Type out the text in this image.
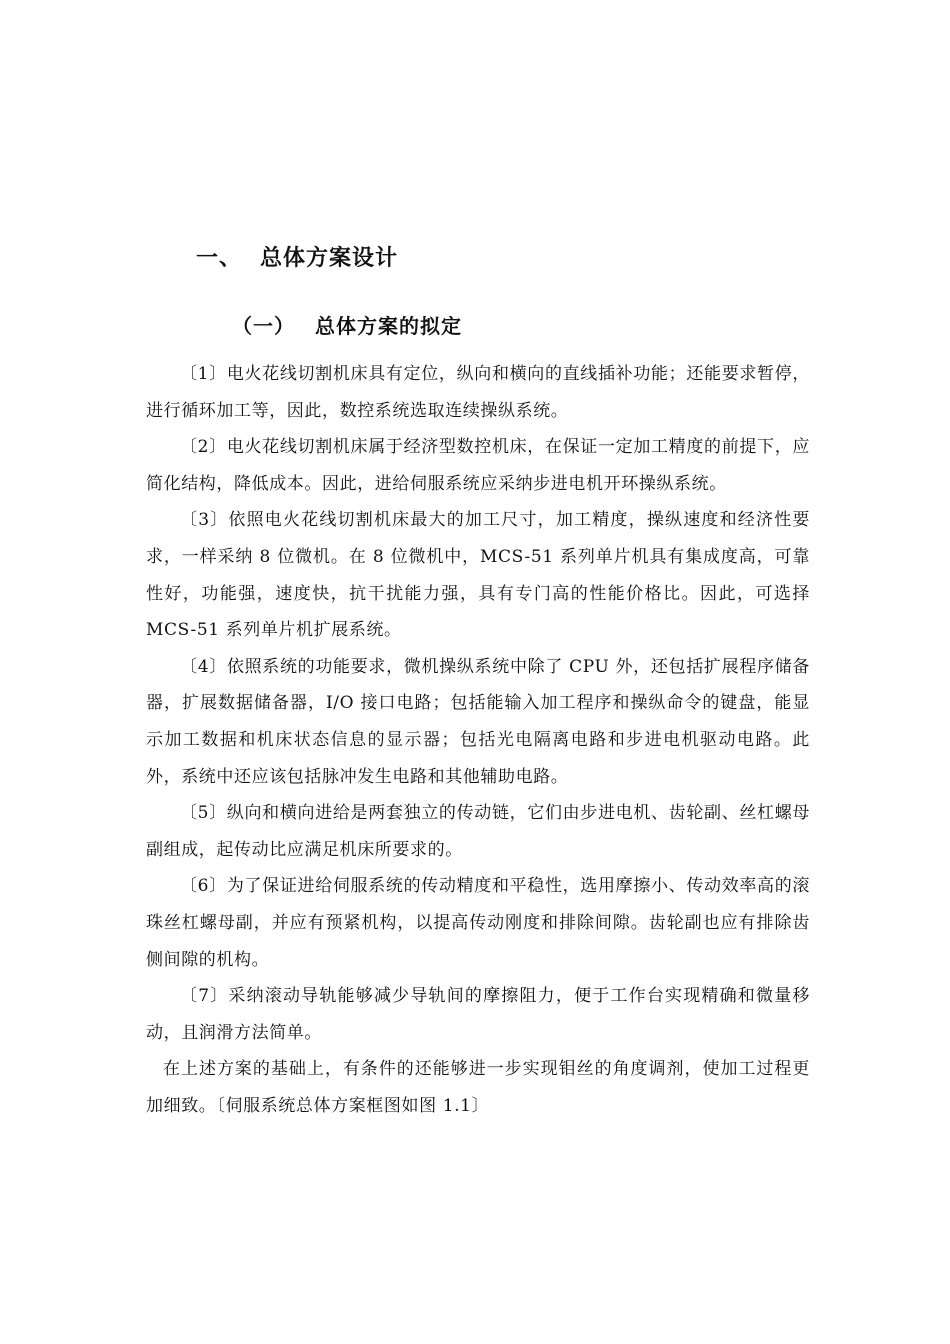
一、 总体方案设计
（一） 总体方案的拟定

〔1〕电火花线切割机床具有定位，纵向和横向的直线插补功能；还能要求暂停，进行循环加工等，因此，数控系统选取连续操纵系统。

〔2〕电火花线切割机床属于经济型数控机床，在保证一定加工精度的前提下，应简化结构，降低成本。因此，进给伺服系统应采纳步进电机开环操纵系统。

〔3〕依照电火花线切割机床最大的加工尺寸，加工精度，操纵速度和经济性要求，一样采纳 8 位微机。在 8 位微机中，MCS-51 系列单片机具有集成度高，可靠性好，功能强，速度快，抗干扰能力强，具有专门高的性能价格比。因此，可选择 MCS-51 系列单片机扩展系统。

〔4〕依照系统的功能要求，微机操纵系统中除了 CPU 外，还包括扩展程序储备器，扩展数据储备器，I/O 接口电路；包括能输入加工程序和操纵命令的键盘，能显示加工数据和机床状态信息的显示器；包括光电隔离电路和步进电机驱动电路。此外，系统中还应该包括脉冲发生电路和其他辅助电路。

〔5〕纵向和横向进给是两套独立的传动链，它们由步进电机、齿轮副、丝杠螺母副组成，起传动比应满足机床所要求的。

〔6〕为了保证进给伺服系统的传动精度和平稳性，选用摩擦小、传动效率高的滚珠丝杠螺母副，并应有预紧机构，以提高传动刚度和排除间隙。齿轮副也应有排除齿侧间隙的机构。

〔7〕采纳滚动导轨能够减少导轨间的摩擦阻力，便于工作台实现精确和微量移动，且润滑方法简单。

在上述方案的基础上，有条件的还能够进一步实现钼丝的角度调剂，使加工过程更加细致。〔伺服系统总体方案框图如图 1.1〕
